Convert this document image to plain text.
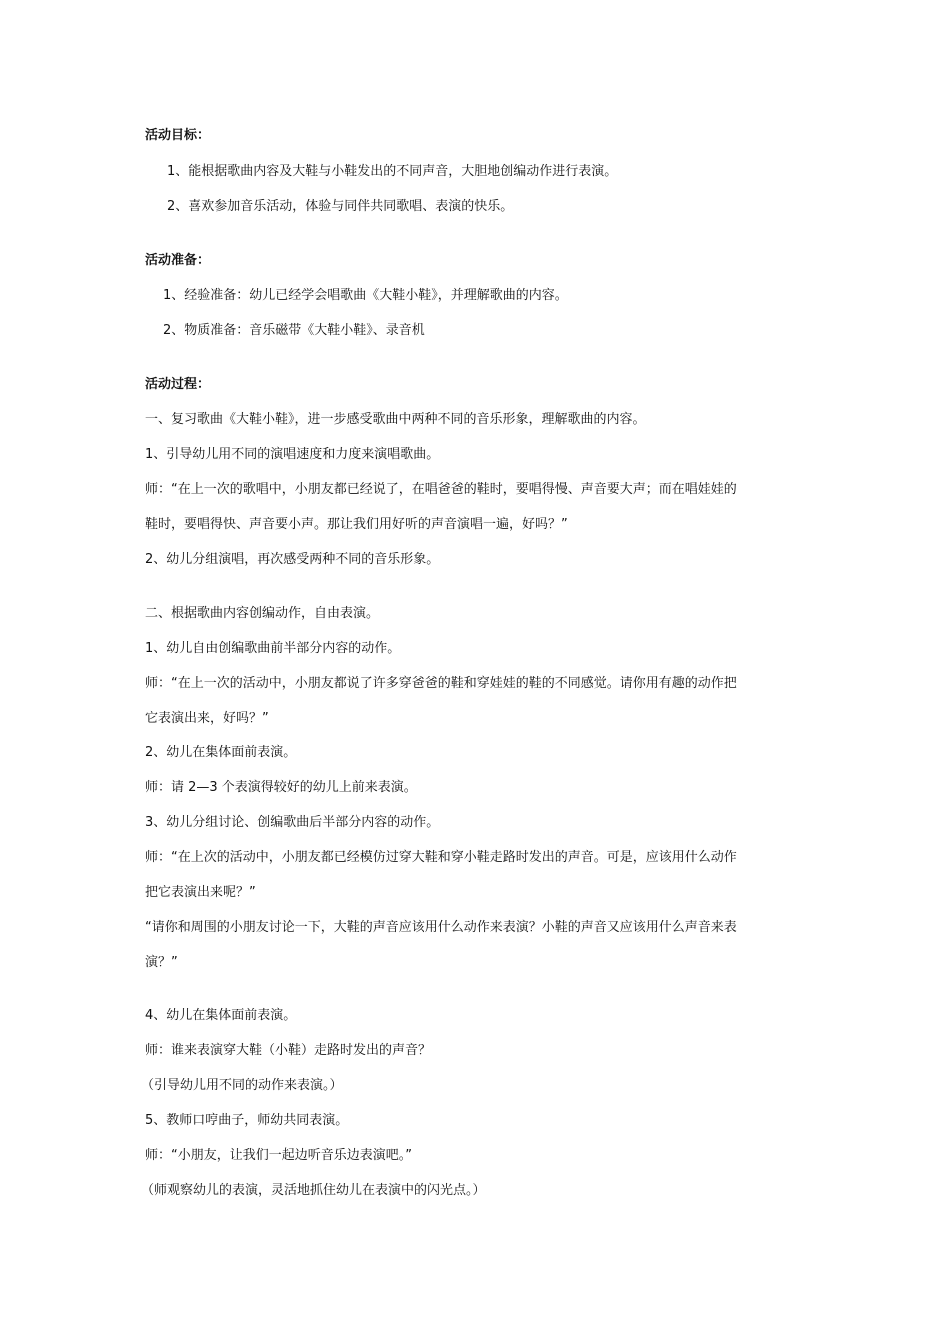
活动目标：
1、能根据歌曲内容及大鞋与小鞋发出的不同声音，大胆地创编动作进行表演。
2、喜欢参加音乐活动，体验与同伴共同歌唱、表演的快乐。
活动准备：
1、经验准备：幼儿已经学会唱歌曲《大鞋小鞋》，并理解歌曲的内容。
2、物质准备：音乐磁带《大鞋小鞋》、录音机
活动过程：
一、复习歌曲《大鞋小鞋》，进一步感受歌曲中两种不同的音乐形象，理解歌曲的内容。
1、引导幼儿用不同的演唱速度和力度来演唱歌曲。
师：“在上一次的歌唱中，小朋友都已经说了，在唱爸爸的鞋时，要唱得慢、声音要大声；而在唱娃娃的
鞋时，要唱得快、声音要小声。那让我们用好听的声音演唱一遍，好吗？”
2、幼儿分组演唱，再次感受两种不同的音乐形象。
二、根据歌曲内容创编动作，自由表演。
1、幼儿自由创编歌曲前半部分内容的动作。
师：“在上一次的活动中，小朋友都说了许多穿爸爸的鞋和穿娃娃的鞋的不同感觉。请你用有趣的动作把
它表演出来，好吗？”
2、幼儿在集体面前表演。
师：请 2—3 个表演得较好的幼儿上前来表演。
3、幼儿分组讨论、创编歌曲后半部分内容的动作。
师：“在上次的活动中，小朋友都已经模仿过穿大鞋和穿小鞋走路时发出的声音。可是，应该用什么动作
把它表演出来呢？”
“请你和周围的小朋友讨论一下，大鞋的声音应该用什么动作来表演？小鞋的声音又应该用什么声音来表
演？”
4、幼儿在集体面前表演。
师：谁来表演穿大鞋（小鞋）走路时发出的声音？
（引导幼儿用不同的动作来表演。）
5、教师口哼曲子，师幼共同表演。
师：“小朋友，让我们一起边听音乐边表演吧。”
（师观察幼儿的表演，灵活地抓住幼儿在表演中的闪光点。）
